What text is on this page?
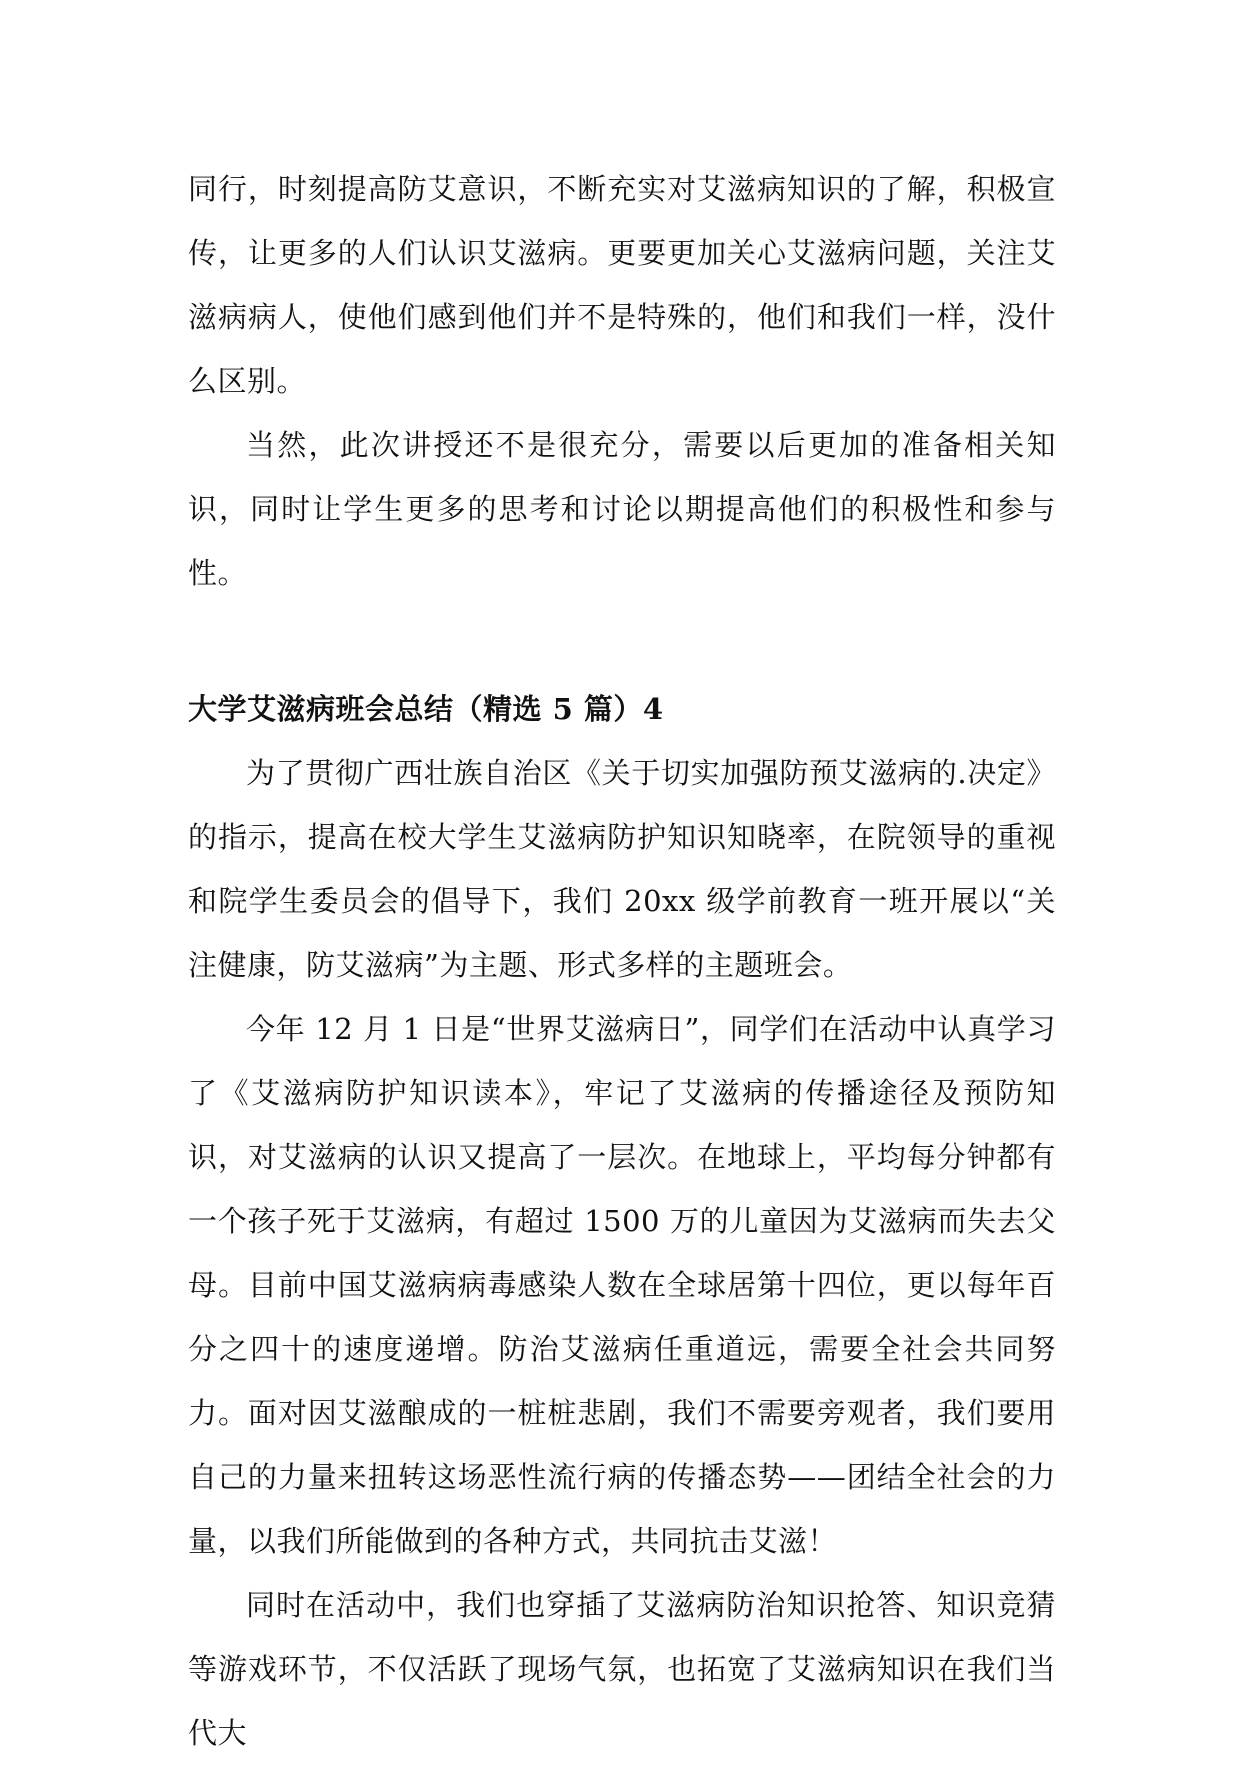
同行，时刻提高防艾意识，不断充实对艾滋病知识的了解，积极宣传，让更多的人们认识艾滋病。更要更加关心艾滋病问题，关注艾滋病病人，使他们感到他们并不是特殊的，他们和我们一样，没什么区别。

当然，此次讲授还不是很充分，需要以后更加的准备相关知识，同时让学生更多的思考和讨论以期提高他们的积极性和参与性。

大学艾滋病班会总结（精选 5 篇）4

为了贯彻广西壮族自治区《关于切实加强防预艾滋病的.决定》的指示，提高在校大学生艾滋病防护知识知晓率，在院领导的重视和院学生委员会的倡导下，我们 20xx 级学前教育一班开展以“关注健康，防艾滋病”为主题、形式多样的主题班会。

今年 12 月 1 日是“世界艾滋病日”，同学们在活动中认真学习了《艾滋病防护知识读本》，牢记了艾滋病的传播途径及预防知识，对艾滋病的认识又提高了一层次。在地球上，平均每分钟都有一个孩子死于艾滋病，有超过 1500 万的儿童因为艾滋病而失去父母。目前中国艾滋病病毒感染人数在全球居第十四位，更以每年百分之四十的速度递增。防治艾滋病任重道远，需要全社会共同努力。面对因艾滋酿成的一桩桩悲剧，我们不需要旁观者，我们要用自己的力量来扭转这场恶性流行病的传播态势——团结全社会的力量，以我们所能做到的各种方式，共同抗击艾滋！

同时在活动中，我们也穿插了艾滋病防治知识抢答、知识竞猜等游戏环节，不仅活跃了现场气氛，也拓宽了艾滋病知识在我们当代大
